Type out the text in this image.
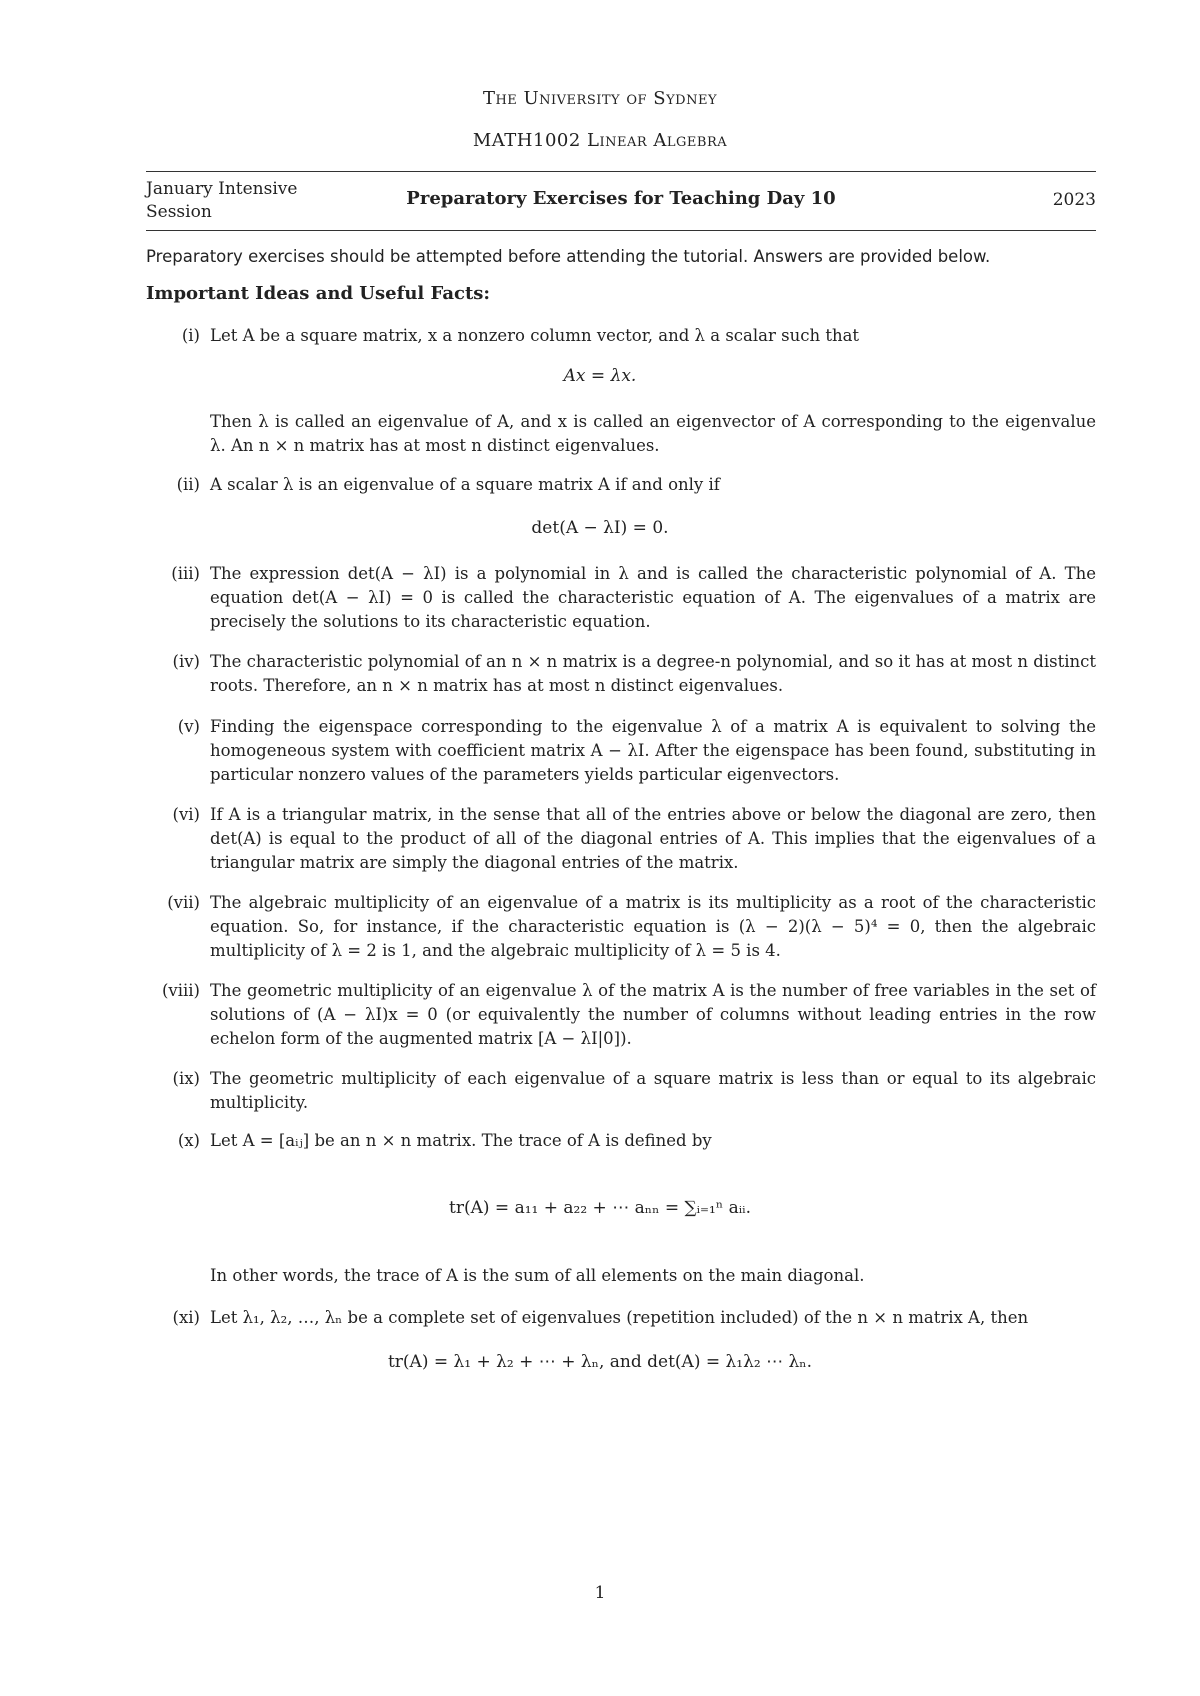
The University of Sydney
MATH1002 Linear Algebra
January Intensive
Session
Preparatory Exercises for Teaching Day 10	2023
Preparatory exercises should be attempted before attending the tutorial. Answers are provided below.
Important Ideas and Useful Facts:
(i) Let A be a square matrix, x a nonzero column vector, and λ a scalar such that
Ax = λx.
Then λ is called an eigenvalue of A, and x is called an eigenvector of A corresponding to the eigenvalue λ. An n × n matrix has at most n distinct eigenvalues.
(ii) A scalar λ is an eigenvalue of a square matrix A if and only if
det(A − λI) = 0.
(iii) The expression det(A − λI) is a polynomial in λ and is called the characteristic polynomial of A. The equation det(A − λI) = 0 is called the characteristic equation of A. The eigenvalues of a matrix are precisely the solutions to its characteristic equation.
(iv) The characteristic polynomial of an n × n matrix is a degree-n polynomial, and so it has at most n distinct roots. Therefore, an n × n matrix has at most n distinct eigenvalues.
(v) Finding the eigenspace corresponding to the eigenvalue λ of a matrix A is equivalent to solving the homogeneous system with coefficient matrix A − λI. After the eigenspace has been found, substituting in particular nonzero values of the parameters yields particular eigenvectors.
(vi) If A is a triangular matrix, in the sense that all of the entries above or below the diagonal are zero, then det(A) is equal to the product of all of the diagonal entries of A. This implies that the eigenvalues of a triangular matrix are simply the diagonal entries of the matrix.
(vii) The algebraic multiplicity of an eigenvalue of a matrix is its multiplicity as a root of the characteristic equation. So, for instance, if the characteristic equation is (λ − 2)(λ − 5)⁴ = 0, then the algebraic multiplicity of λ = 2 is 1, and the algebraic multiplicity of λ = 5 is 4.
(viii) The geometric multiplicity of an eigenvalue λ of the matrix A is the number of free variables in the set of solutions of (A − λI)x = 0 (or equivalently the number of columns without leading entries in the row echelon form of the augmented matrix [A − λI|0]).
(ix) The geometric multiplicity of each eigenvalue of a square matrix is less than or equal to its algebraic multiplicity.
(x) Let A = [aᵢⱼ] be an n × n matrix. The trace of A is defined by
tr(A) = a₁₁ + a₂₂ + ⋯ aₙₙ = ∑ᵢ₌₁ⁿ aᵢᵢ.
In other words, the trace of A is the sum of all elements on the main diagonal.
(xi) Let λ₁, λ₂, …, λₙ be a complete set of eigenvalues (repetition included) of the n × n matrix A, then
tr(A) = λ₁ + λ₂ + ⋯ + λₙ, and det(A) = λ₁λ₂ ⋯ λₙ.
1
